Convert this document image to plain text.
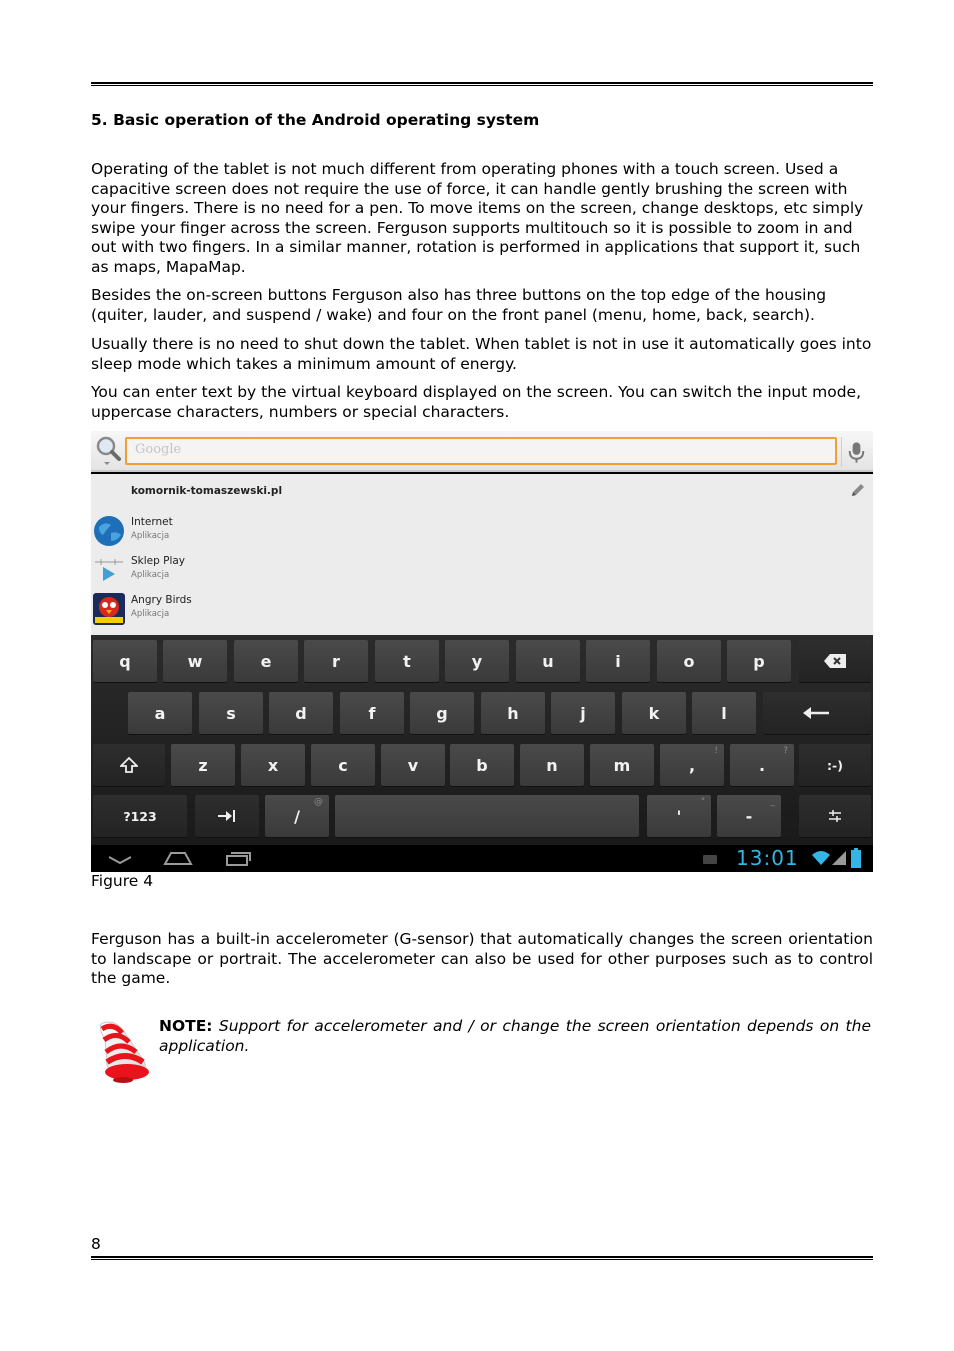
5. Basic operation of the Android operating system

Operating of the tablet is not much different from operating phones with a touch screen. Used a capacitive screen does not require the use of force, it can handle gently brushing the screen with your fingers. There is no need for a pen. To move items on the screen, change desktops, etc simply swipe your finger across the screen. Ferguson supports multitouch so it is possible to zoom in and out with two fingers. In a similar manner, rotation is performed in applications that support it, such as maps, MapaMap.

Besides the on-screen buttons Ferguson also has three buttons on the top edge of the housing (quiter, lauder, and suspend / wake) and four on the front panel (menu, home, back, search).

Usually there is no need to shut down the tablet. When tablet is not in use it automatically goes into sleep mode which takes a minimum amount of energy.

You can enter text by the virtual keyboard displayed on the screen. You can switch the input mode, uppercase characters, numbers or special characters.

Google
komornik-tomaszewski.pl
Internet
Aplikacja
Sklep Play
Aplikacja
Angry Birds
Aplikacja
q	w	e	r	t	y	u	i	o	p
a	s	d	f	g	h	j	k	l
z	x	c	v	b	n	m	,
!
.
?
:-)
?123	/
@
'
"
-
_
13:01
Figure 4

Ferguson has a built-in accelerometer (G-sensor) that automatically changes the screen orientation to landscape or portrait. The accelerometer can also be used for other purposes such as to control the game.

NOTE: Support for accelerometer and / or change the screen orientation depends on the application.

8
